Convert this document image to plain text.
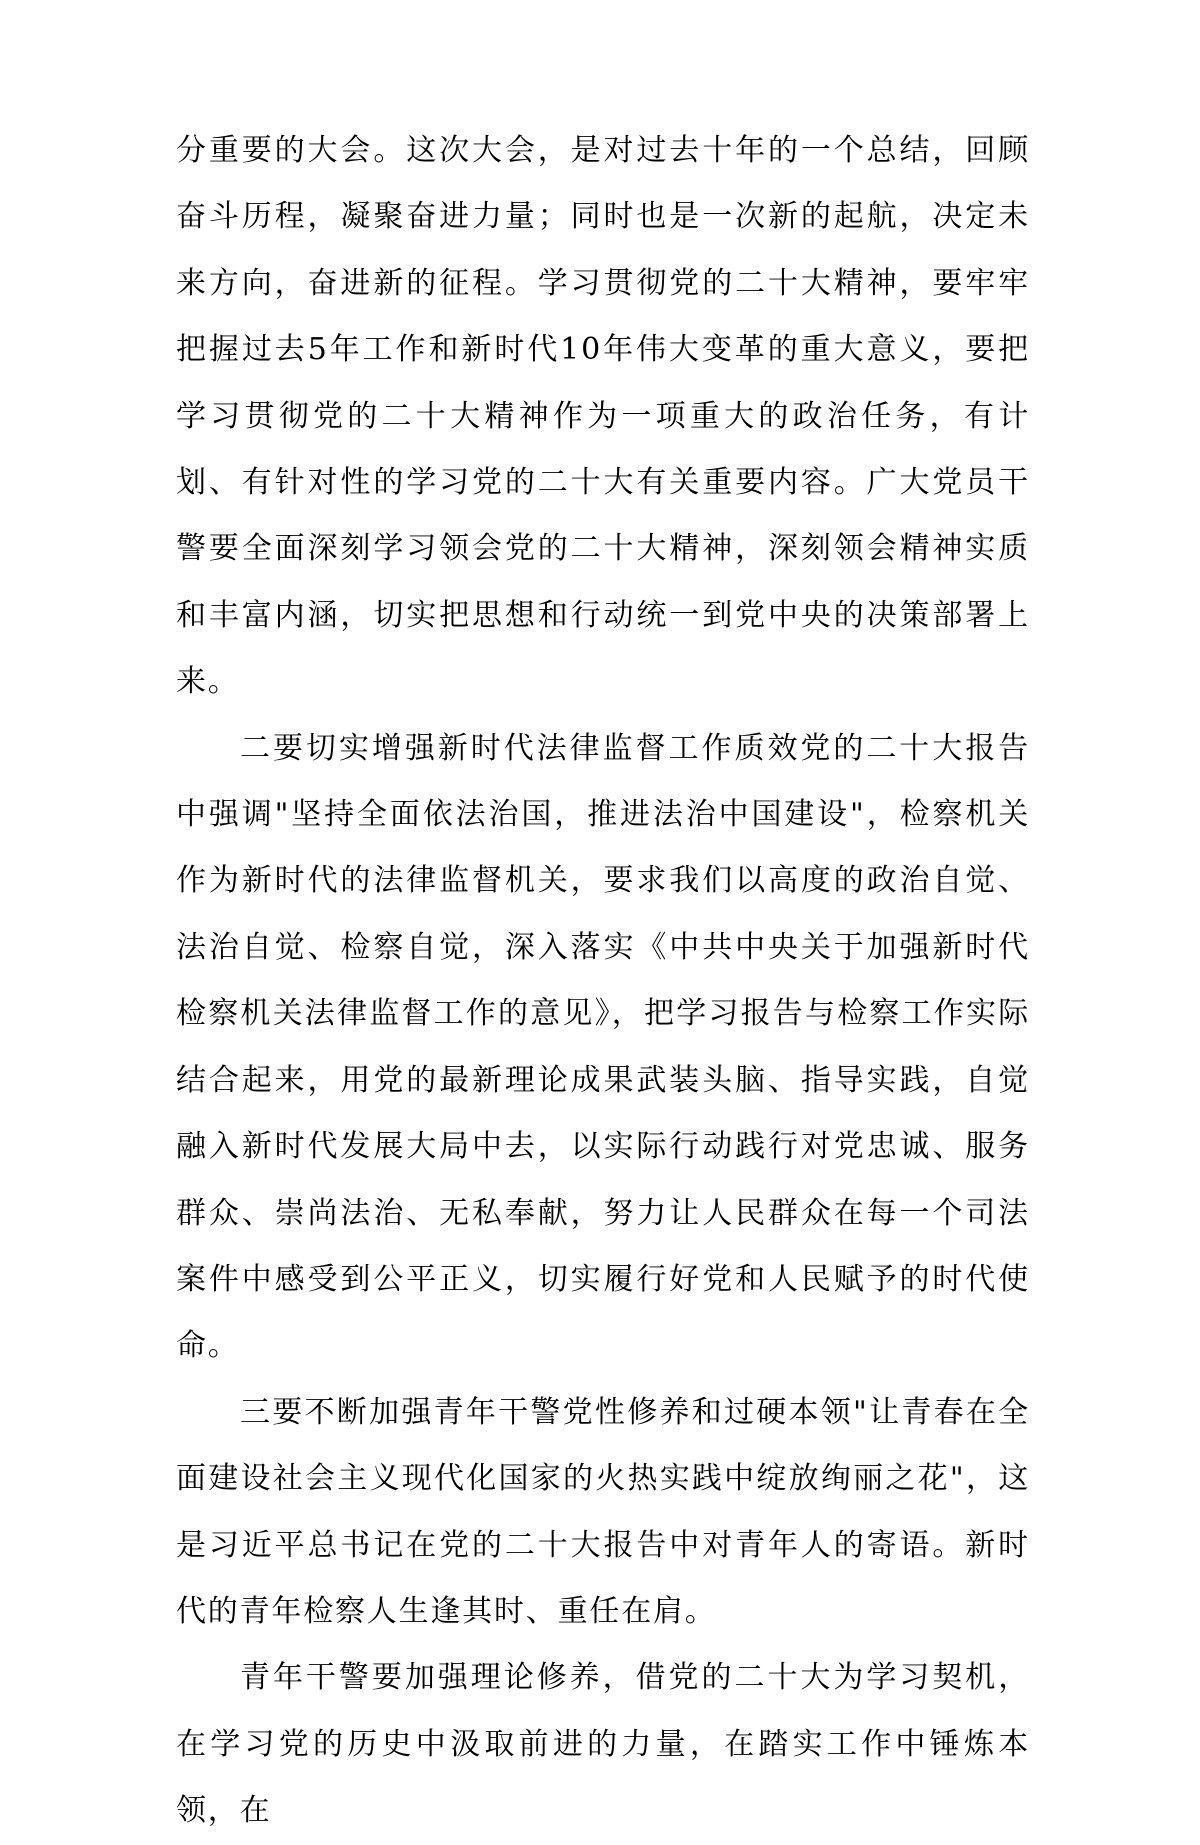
分重要的大会。这次大会，是对过去十年的一个总结，回顾奋斗历程，凝聚奋进力量；同时也是一次新的起航，决定未来方向，奋进新的征程。学习贯彻党的二十大精神，要牢牢把握过去5年工作和新时代10年伟大变革的重大意义，要把学习贯彻党的二十大精神作为一项重大的政治任务，有计划、有针对性的学习党的二十大有关重要内容。广大党员干警要全面深刻学习领会党的二十大精神，深刻领会精神实质和丰富内涵，切实把思想和行动统一到党中央的决策部署上来。

二要切实增强新时代法律监督工作质效党的二十大报告中强调"坚持全面依法治国，推进法治中国建设"，检察机关作为新时代的法律监督机关，要求我们以高度的政治自觉、法治自觉、检察自觉，深入落实《中共中央关于加强新时代检察机关法律监督工作的意见》，把学习报告与检察工作实际结合起来，用党的最新理论成果武装头脑、指导实践，自觉融入新时代发展大局中去，以实际行动践行对党忠诚、服务群众、崇尚法治、无私奉献，努力让人民群众在每一个司法案件中感受到公平正义，切实履行好党和人民赋予的时代使命。

三要不断加强青年干警党性修养和过硬本领"让青春在全面建设社会主义现代化国家的火热实践中绽放绚丽之花"，这是习近平总书记在党的二十大报告中对青年人的寄语。新时代的青年检察人生逢其时、重任在肩。

青年干警要加强理论修养，借党的二十大为学习契机，在学习党的历史中汲取前进的力量，在踏实工作中锤炼本领，在
